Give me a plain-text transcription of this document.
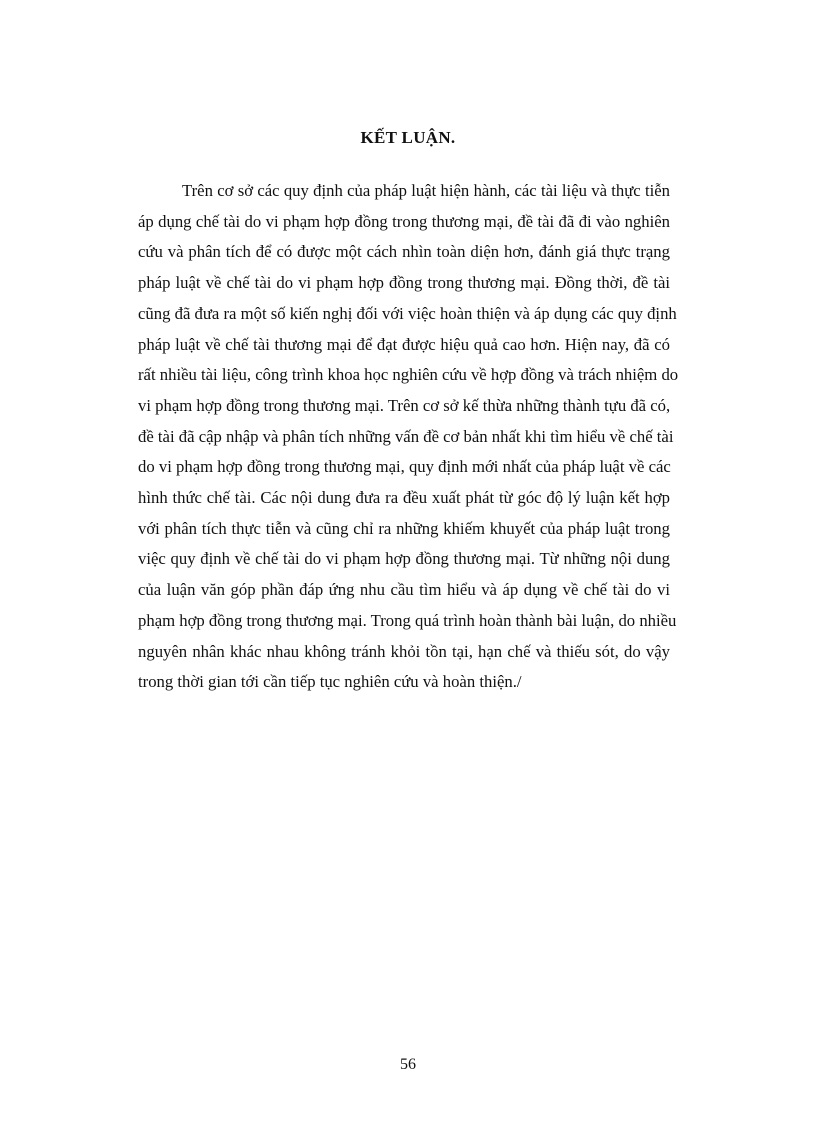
KẾT LUẬN.
Trên cơ sở các quy định của pháp luật hiện hành, các tài liệu và thực tiễn
áp dụng chế tài do vi phạm hợp đồng trong thương mại, đề tài đã đi vào nghiên
cứu và phân tích để có được một cách nhìn toàn diện hơn, đánh giá thực trạng
pháp luật về chế tài do vi phạm hợp đồng trong thương mại. Đồng thời, đề tài
cũng đã đưa ra một số kiến nghị đối với việc hoàn thiện và áp dụng các quy định
pháp luật về chế tài thương mại để đạt được hiệu quả cao hơn. Hiện nay, đã có
rất nhiều tài liệu, công trình khoa học nghiên cứu về hợp đồng và trách nhiệm do
vi phạm hợp đồng trong thương mại. Trên cơ sở kế thừa những thành tựu đã có,
đề tài đã cập nhập và phân tích những vấn đề cơ bản nhất khi tìm hiểu về chế tài
do vi phạm hợp đồng trong thương mại, quy định mới nhất của pháp luật về các
hình thức chế tài. Các nội dung đưa ra đều xuất phát từ góc độ lý luận kết hợp
với phân tích thực tiễn và cũng chỉ ra những khiếm khuyết của pháp luật trong
việc quy định về chế tài do vi phạm hợp đồng thương mại. Từ những nội dung
của luận văn góp phần đáp ứng nhu cầu tìm hiểu và áp dụng về chế tài do vi
phạm hợp đồng trong thương mại. Trong quá trình hoàn thành bài luận, do nhiều
nguyên nhân khác nhau không tránh khỏi tồn tại, hạn chế và thiếu sót, do vậy
trong thời gian tới cần tiếp tục nghiên cứu và hoàn thiện./
56
